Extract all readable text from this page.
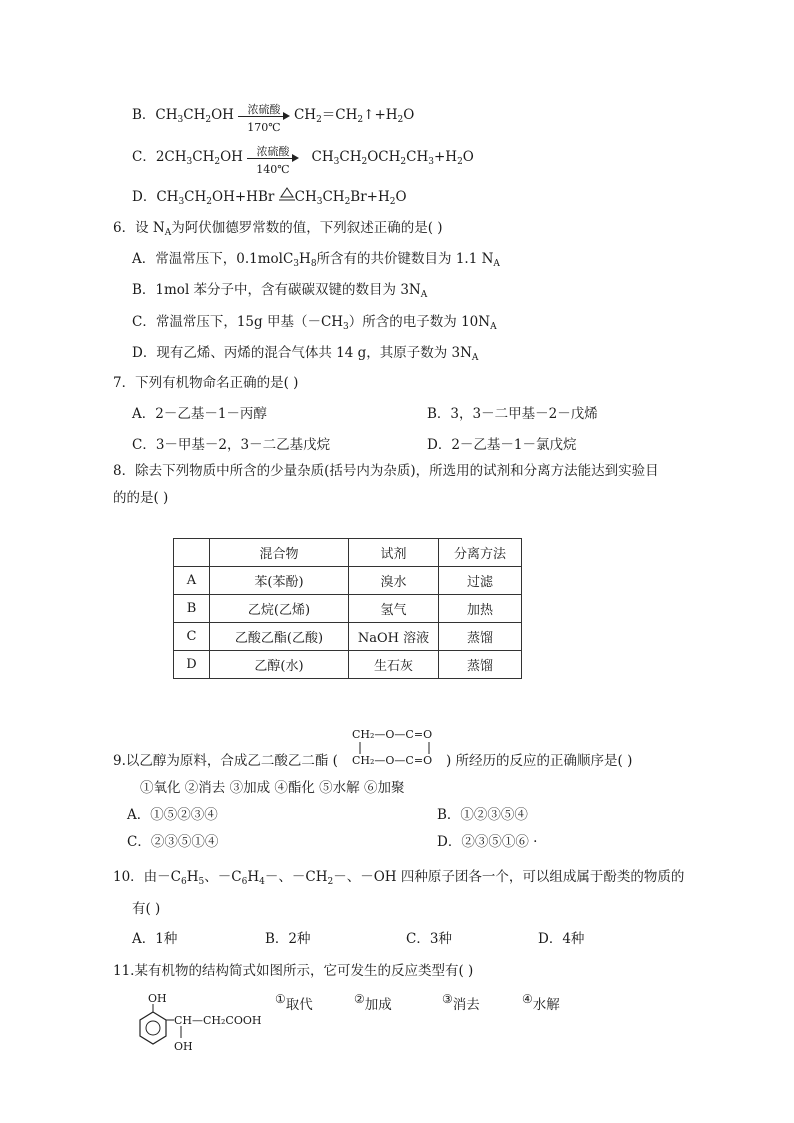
B．$CH_3CH_2OH$	浓硫酸
170℃
$CH_2=CH_2↑+H_2O$
C．$2CH_3CH_2OH$	浓硫酸
140℃
$CH_3CH_2OCH_2CH_3+H_2O$
D．$CH_3CH_2OH+HBr$
$CH_3CH_2Br+H_2O$
6．设 $N_A$为阿伏伽德罗常数的值，下列叙述正确的是( )
A．常温常压下，$0.1molC_3H_8$所含有的共价键数目为 1.1 $N_A$
B．1mol 苯分子中，含有碳碳双键的数目为 $3N_A$
C．常温常压下，15g 甲基$(-CH_3)$所含的电子数为 $10N_A$
D．现有乙烯、丙烯的混合气体共 14 g，其原子数为 $3N_A$
7．下列有机物命名正确的是( )
A．2－乙基－1－丙醇	B．3，3－二甲基－2－戊烯
C．3－甲基－2，3－二乙基戊烷	D．2－乙基－1－氯戊烷
8．除去下列物质中所含的少量杂质(括号内为杂质)，所选用的试剂和分离方法能达到实验目
的的是( )
	混合物	试剂	分离方法
A	苯(苯酚)	溴水	过滤
B	乙烷(乙烯)	氢气	加热
C	乙酸乙酯(乙酸)	NaOH 溶液	蒸馏
D	乙醇(水)	生石灰	蒸馏
CH₂—O—C=O
CH₂—O—C=O
9.以乙醇为原料，合成乙二酸乙二酯 (	) 所经历的反应的正确顺序是( )
①氧化 ②消去 ③加成 ④酯化 ⑤水解 ⑥加聚
A．①⑤②③④	B．①②③⑤④
C．②③⑤①④	D．②③⑤①⑥ ·
10．由$-C_6H_5$、$-C_6H_4-$、$-CH_2-$、－OH 四种原子团各一个，可以组成属于酚类的物质的
有( )
A．1种	B．2种	C．3种	D．4种
11.某有机物的结构简式如图所示，它可发生的反应类型有( )
①取代	②加成	③消去	④水解
OH
CH—CH₂COOH
OH
